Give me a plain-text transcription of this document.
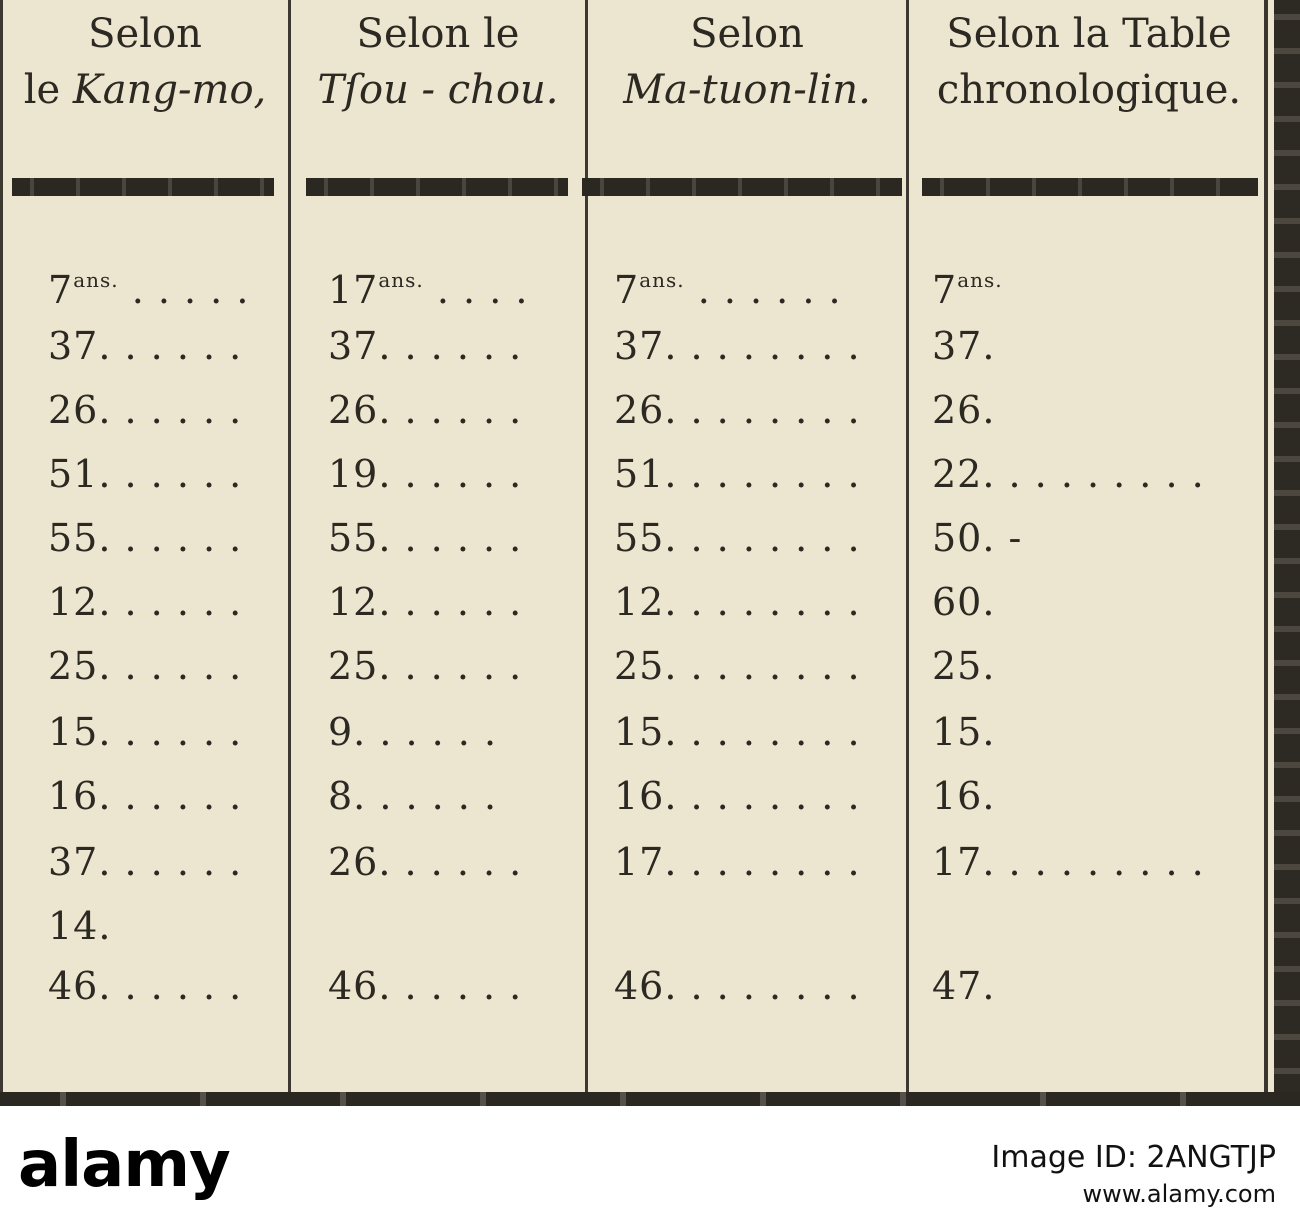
Selon
le Kang-mo,
Selon le
Tſou - chou.
Selon
Ma-tuon-lin.
Selon la Table
chronologique.
$7^{ans.}$ . . . . .
37. . . . . .
26. . . . . .
51. . . . . .
55. . . . . .
12. . . . . .
25. . . . . .
15. . . . . .
16. . . . . .
37. . . . . .
14.
46. . . . . .
$17^{ans.}$ . . . .
37. . . . . .
26. . . . . .
19. . . . . .
55. . . . . .
12. . . . . .
25. . . . . .
9. . . . . .
8. . . . . .
26. . . . . .
46. . . . . .
$7^{ans.}$ . . . . . .
37. . . . . . . .
26. . . . . . . .
51. . . . . . . .
55. . . . . . . .
12. . . . . . . .
25. . . . . . . .
15. . . . . . . .
16. . . . . . . .
17. . . . . . . .
46. . . . . . . .
$7^{ans.}$
37.
26.
22. . . . . . . . .
50. -
60.
25.
15.
16.
17. . . . . . . . .
47.
alamy	Image ID: 2ANGTJP
www.alamy.com
